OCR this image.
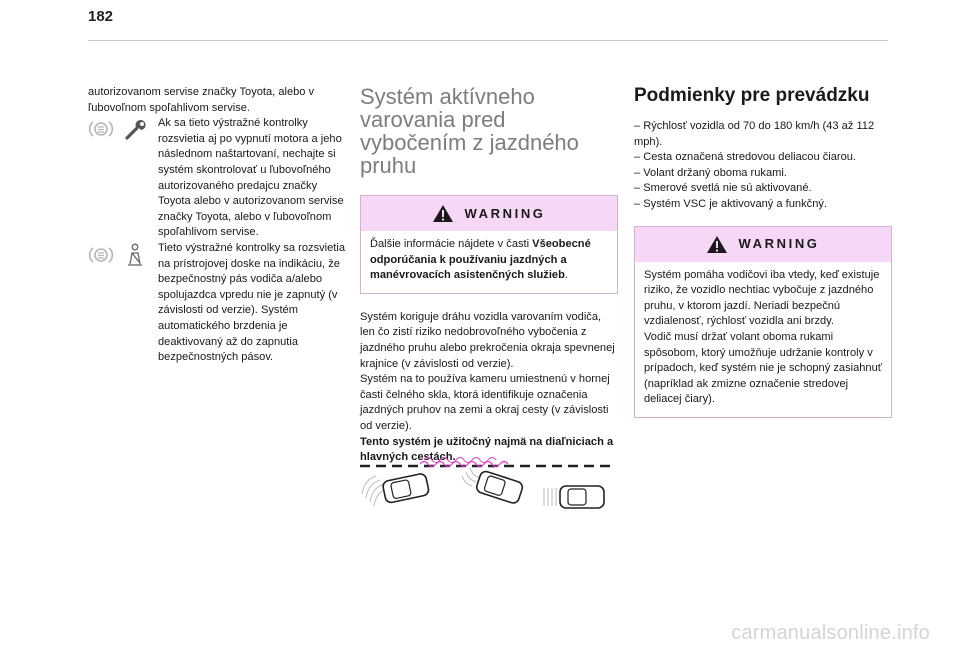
182

autorizovanom servise značky Toyota, alebo v ľubovoľnom spoľahlivom servise.

Ak sa tieto výstražné kontrolky rozsvietia aj po vypnutí motora a jeho následnom naštartovaní, nechajte si systém skontrolovať u ľubovoľného autorizovaného predajcu značky Toyota alebo v autorizovanom servise značky Toyota, alebo v ľubovoľnom spoľahlivom servise.

Tieto výstražné kontrolky sa rozsvietia na prístrojovej doske na indikáciu, že bezpečnostný pás vodiča a/alebo spolujazdca vpredu nie je zapnutý (v závislosti od verzie). Systém automatického brzdenia je deaktivovaný až do zapnutia bezpečnostných pásov.

Systém aktívneho varovania pred vybočením z jazdného pruhu
WARNING
Ďalšie informácie nájdete v časti Všeobecné odporúčania k používaniu jazdných a manévrovacích asistenčných služieb.

Systém koriguje dráhu vozidla varovaním vodiča, len čo zistí riziko nedobrovoľného vybočenia z jazdného pruhu alebo prekročenia okraja spevnenej krajnice (v závislosti od verzie).

Systém na to používa kameru umiestnenú v hornej časti čelného skla, ktorá identifikuje označenia jazdných pruhov na zemi a okraj cesty (v závislosti od verzie).

Tento systém je užitočný najmä na diaľniciach a hlavných cestách.

Podmienky pre prevádzku
– Rýchlosť vozidla od 70 do 180 km/h (43 až 112 mph).
– Cesta označená stredovou deliacou čiarou.
– Volant držaný oboma rukami.
– Smerové svetlá nie sú aktivované.
– Systém VSC je aktivovaný a funkčný.
WARNING

Systém pomáha vodičovi iba vtedy, keď existuje riziko, že vozidlo nechtiac vybočuje z jazdného pruhu, v ktorom jazdí. Neriadi bezpečnú vzdialenosť, rýchlosť vozidla ani brzdy.

Vodič musí držať volant oboma rukami spôsobom, ktorý umožňuje udržanie kontroly v prípadoch, keď systém nie je schopný zasiahnuť (napríklad ak zmizne označenie stredovej deliacej čiary).

carmanualsonline.info
